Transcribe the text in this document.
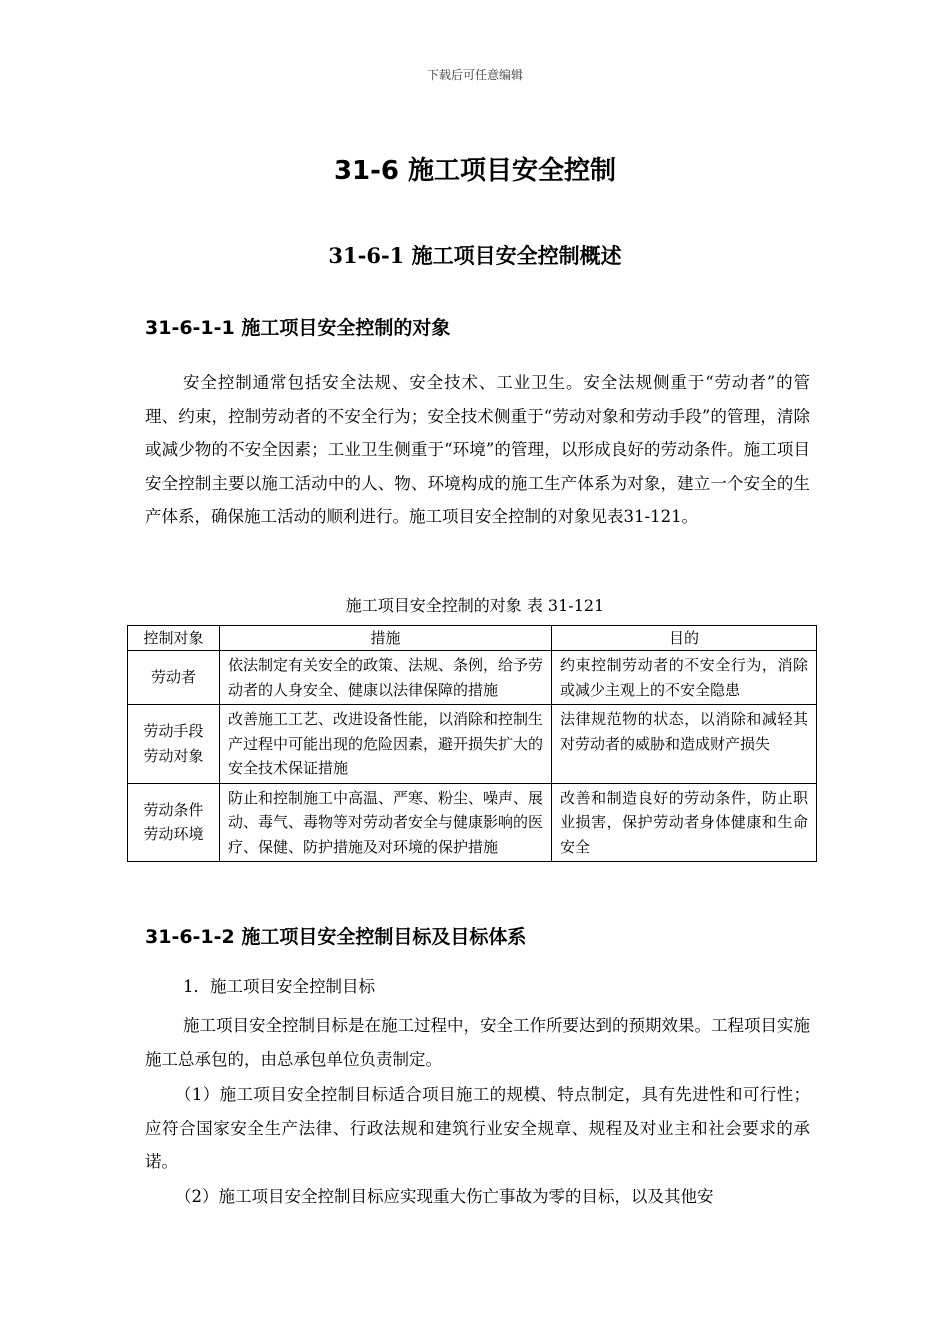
下载后可任意编辑
31-6 施工项目安全控制
31-6-1 施工项目安全控制概述
31-6-1-1 施工项目安全控制的对象
安全控制通常包括安全法规、安全技术、工业卫生。安全法规侧重于“劳动者”的管理、约束，控制劳动者的不安全行为；安全技术侧重于“劳动对象和劳动手段”的管理，清除或减少物的不安全因素；工业卫生侧重于“环境”的管理，以形成良好的劳动条件。施工项目安全控制主要以施工活动中的人、物、环境构成的施工生产体系为对象，建立一个安全的生产体系，确保施工活动的顺利进行。施工项目安全控制的对象见表31-121。
施工项目安全控制的对象 表 31-121
控制对象	措施	目的

劳动者	依法制定有关安全的政策、法规、条例，给予劳动者的人身安全、健康以法律保障的措施	约束控制劳动者的不安全行为，消除或减少主观上的不安全隐患

劳动手段
劳动对象	改善施工工艺、改进设备性能，以消除和控制生产过程中可能出现的危险因素，避开损失扩大的安全技术保证措施	法律规范物的状态，以消除和减轻其对劳动者的威胁和造成财产损失

劳动条件
劳动环境	防止和控制施工中高温、严寒、粉尘、噪声、展动、毒气、毒物等对劳动者安全与健康影响的医疗、保健、防护措施及对环境的保护措施	改善和制造良好的劳动条件，防止职业损害，保护劳动者身体健康和生命安全
31-6-1-2 施工项目安全控制目标及目标体系
1．施工项目安全控制目标
施工项目安全控制目标是在施工过程中，安全工作所要达到的预期效果。工程项目实施施工总承包的，由总承包单位负责制定。
（1）施工项目安全控制目标适合项目施工的规模、特点制定，具有先进性和可行性；应符合国家安全生产法律、行政法规和建筑行业安全规章、规程及对业主和社会要求的承诺。
（2）施工项目安全控制目标应实现重大伤亡事故为零的目标，以及其他安
